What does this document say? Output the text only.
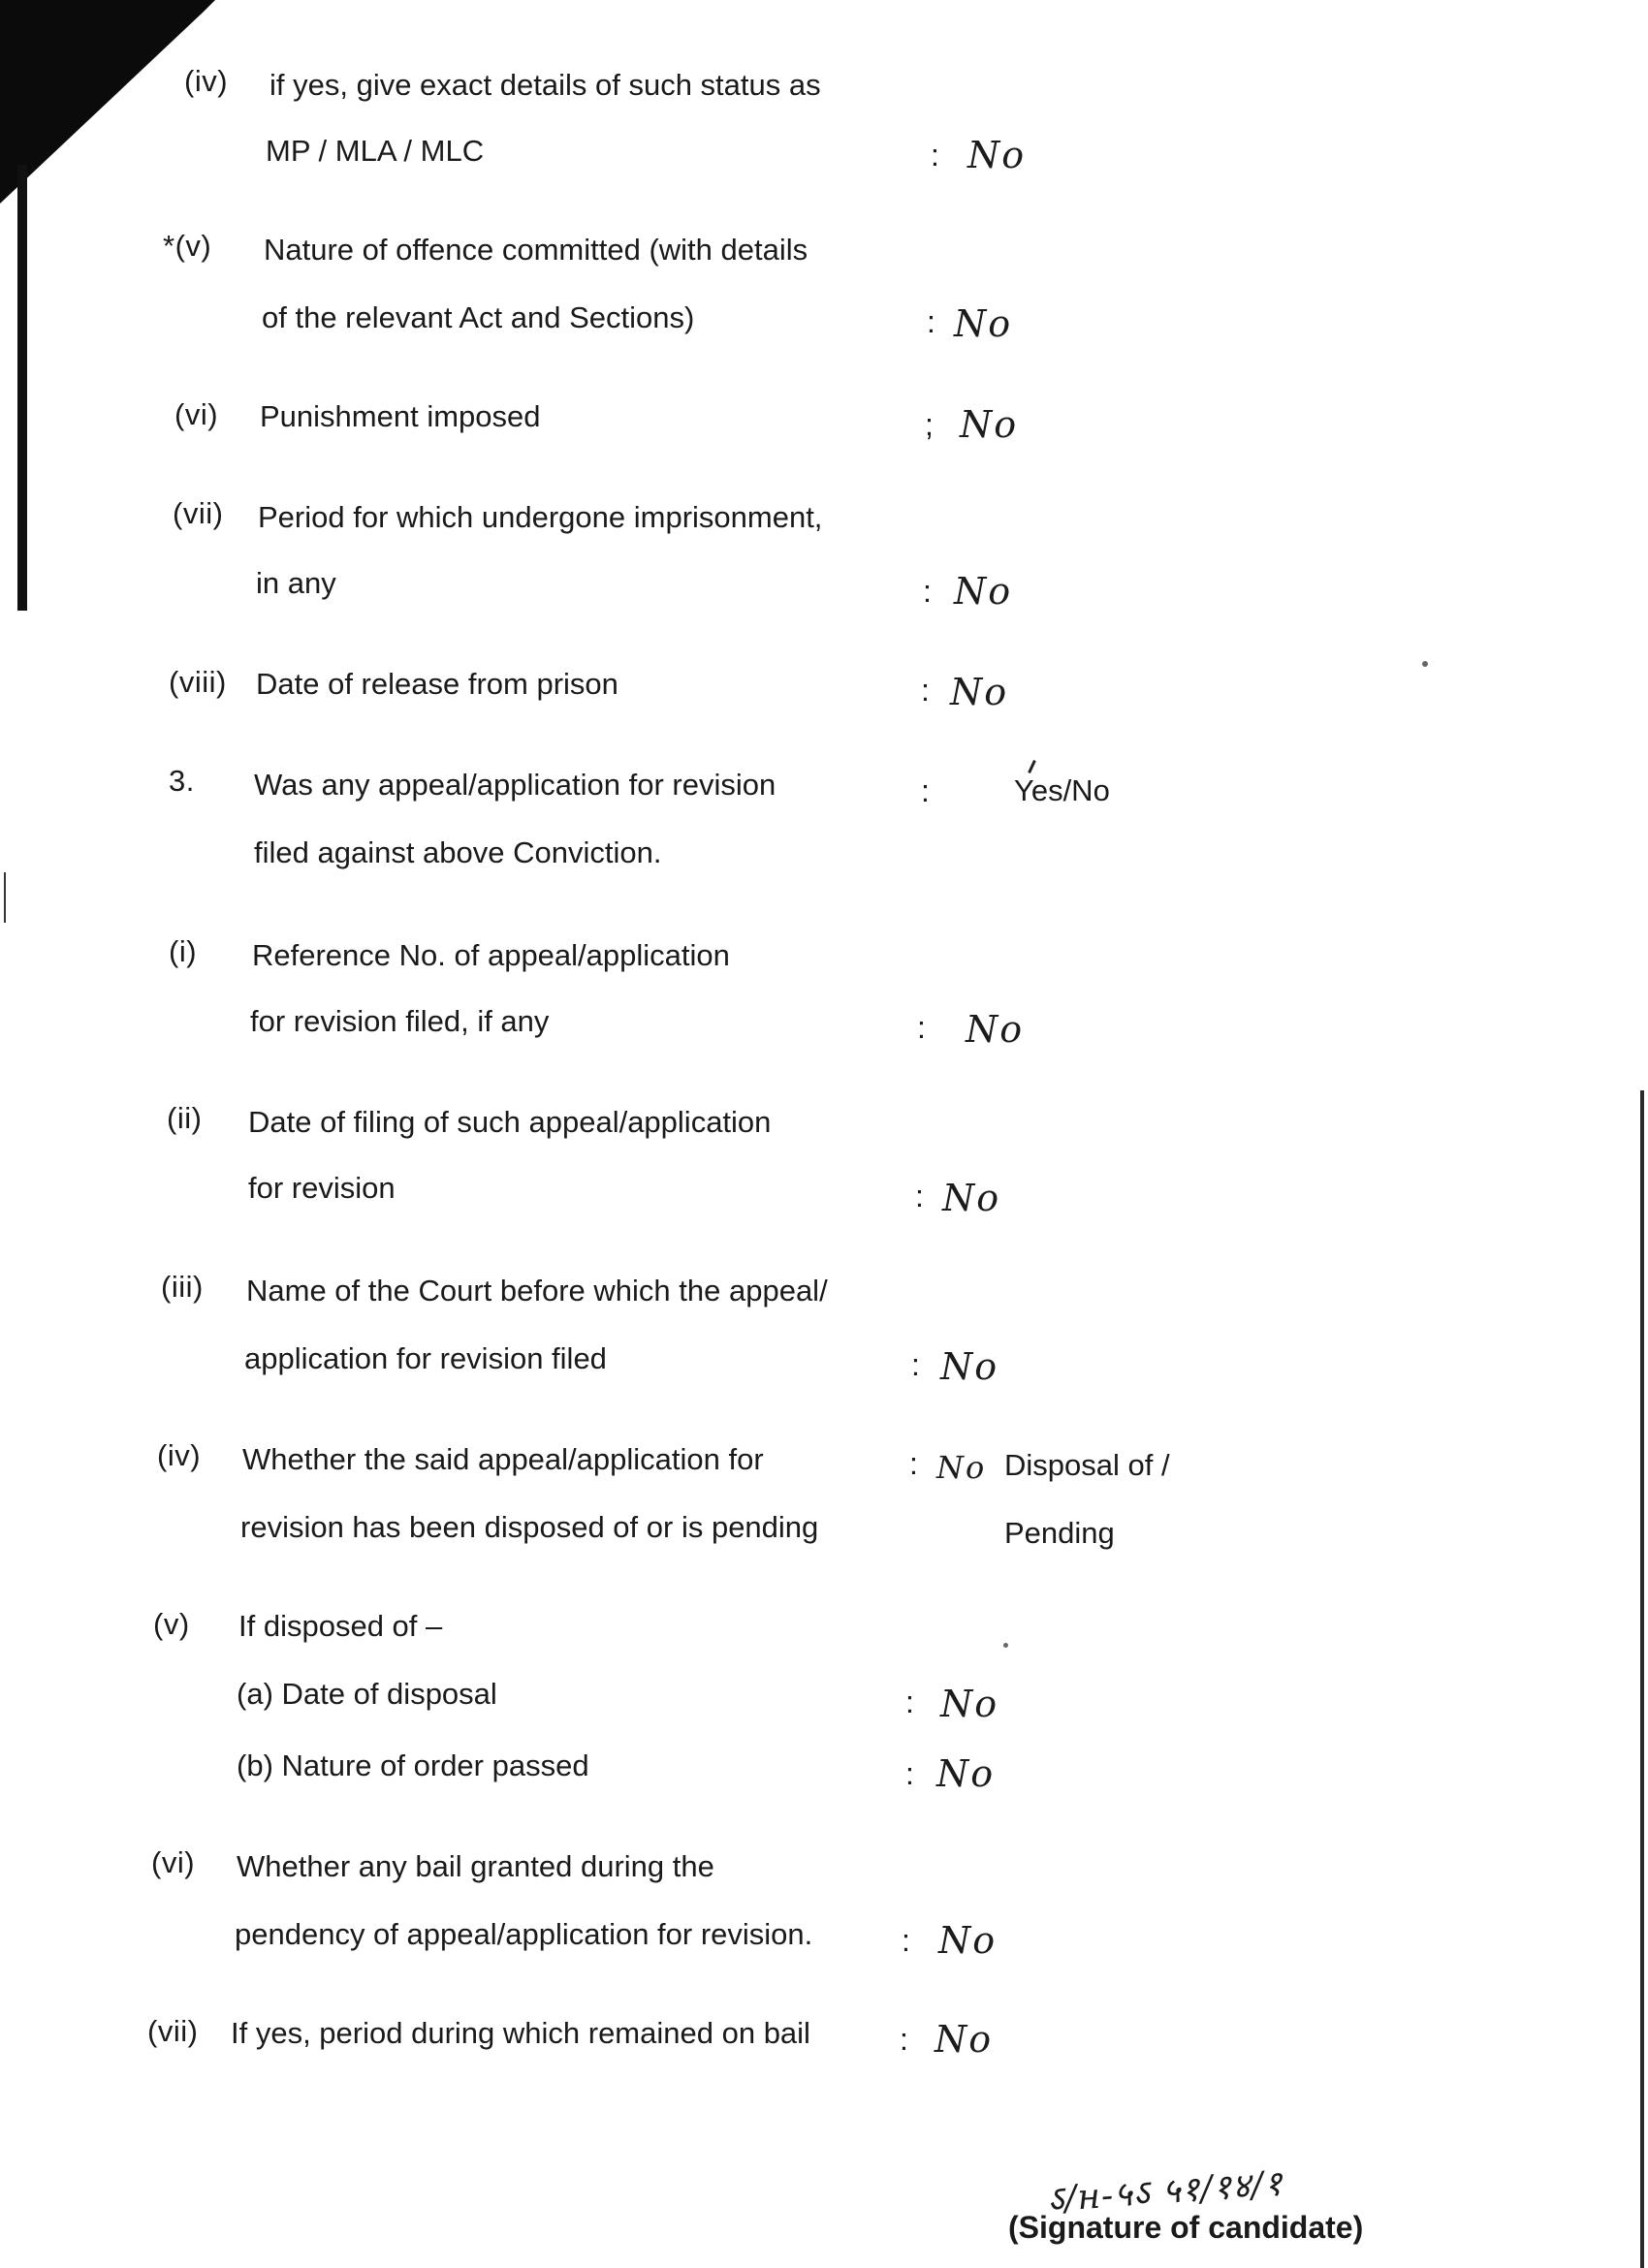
(iv) if yes, give exact details of such status as
MP / MLA / MLC	: No
*(v) Nature of offence committed (with details
of the relevant Act and Sections)	: No
(vi) Punishment imposed	; No
(vii) Period for which undergone imprisonment,
in any	: No
(viii) Date of release from prison	: No
3. Was any appeal/application for revision
filed against above Conviction.
:	Yes/No
(i) Reference No. of appeal/application
for revision filed, if any	: No
(ii) Date of filing of such appeal/application
for revision	: No
(iii) Name of the Court before which the appeal/
application for revision filed	: No
(iv) Whether the said appeal/application for
revision has been disposed of or is pending
: No Disposal of /
Pending
(v) If disposed of –
(a) Date of disposal	: No
(b) Nature of order passed	: No
(vi) Whether any bail granted during the
pendency of appeal/application for revision.	: No
(vii) If yes, period during which remained on bail	: No
ऽ/н-५ऽ ५१/१४/१
(Signature of candidate)
